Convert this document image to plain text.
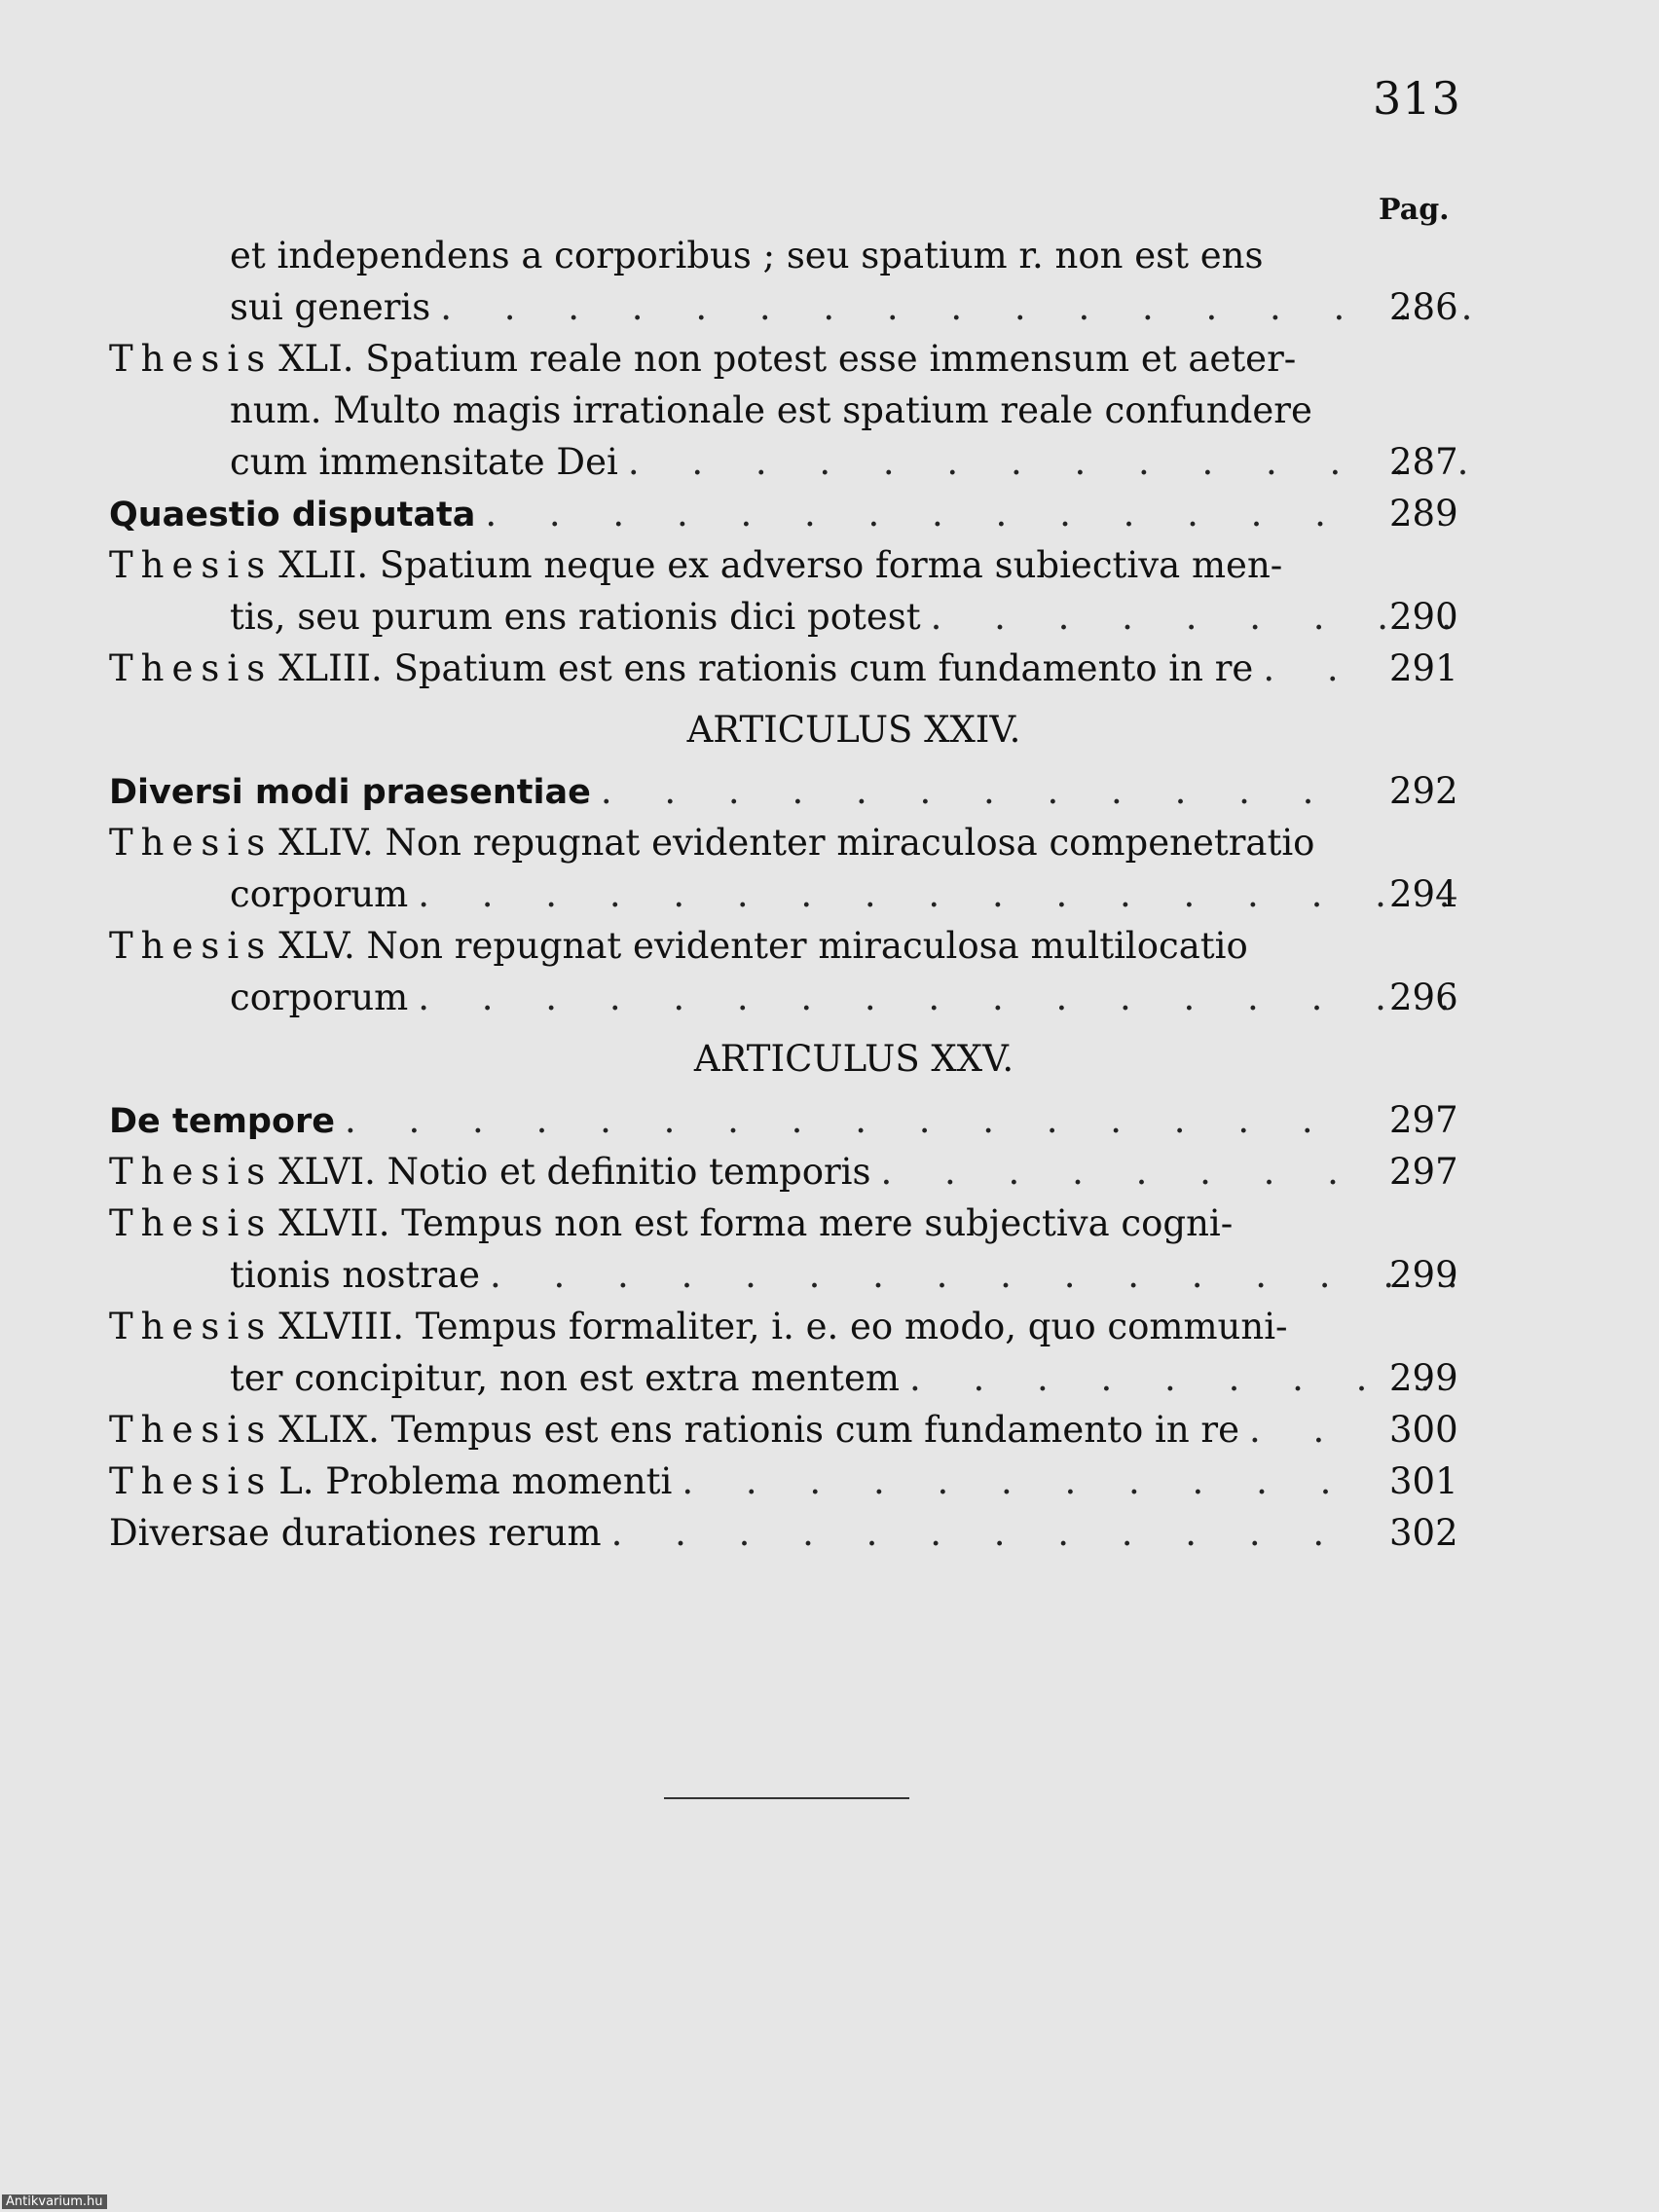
313
Pag.
et independens a corporibus ; seu spatium r. non est ens
sui generis . . .	286
Thesis XLI. Spatium reale non potest esse immensum et aeter-
num. Multo magis irrationale est spatium reale confundere
cum immensitate Dei . . .	287
Quaestio disputata . . .	289
Thesis XLII. Spatium neque ex adverso forma subiectiva men-
tis, seu purum ens rationis dici potest . . .	290
Thesis XLIII. Spatium est ens rationis cum fundamento in re . . .	291
ARTICULUS XXIV.
Diversi modi praesentiae . . .	292
Thesis XLIV. Non repugnat evidenter miraculosa compenetratio
corporum . . .	294
Thesis XLV. Non repugnat evidenter miraculosa multilocatio
corporum . . .	296
ARTICULUS XXV.
De tempore . . .	297
Thesis XLVI. Notio et definitio temporis . . .	297
Thesis XLVII. Tempus non est forma mere subjectiva cogni-
tionis nostrae . . .	299
Thesis XLVIII. Tempus formaliter, i. e. eo modo, quo communi-
ter concipitur, non est extra mentem . . .	299
Thesis XLIX. Tempus est ens rationis cum fundamento in re . . .	300
Thesis L. Problema momenti . . .	301
Diversae durationes rerum . . .	302
Antikvarium.hu
